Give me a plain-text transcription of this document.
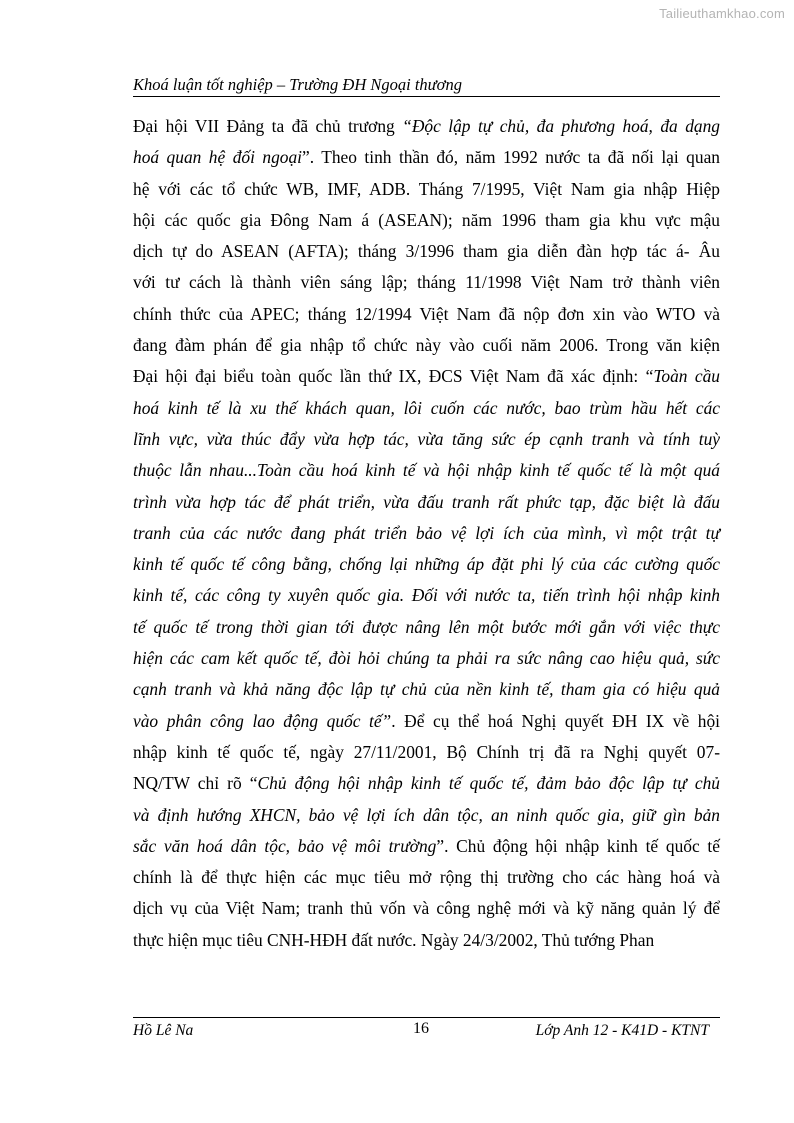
Tailieuthamkhao.com
Khoá luận tốt nghiệp – Trường ĐH Ngoại thương
Đại hội VII Đảng ta đã chủ trương “Độc lập tự chủ, đa phương hoá, đa dạng
hoá quan hệ đối ngoại”. Theo tinh thần đó, năm 1992 nước ta đã nối lại quan
hệ với các tổ chức WB, IMF, ADB. Tháng 7/1995, Việt Nam gia nhập Hiệp
hội các quốc gia Đông Nam á (ASEAN); năm 1996 tham gia khu vực mậu
dịch tự do ASEAN (AFTA); tháng 3/1996 tham gia diễn đàn hợp tác á- Âu
với tư cách là thành viên sáng lập; tháng 11/1998 Việt Nam trở thành viên
chính thức của APEC; tháng 12/1994 Việt Nam đã nộp đơn xin vào WTO và
đang đàm phán để gia nhập tổ chức này vào cuối năm 2006. Trong văn kiện
Đại hội đại biểu toàn quốc lần thứ IX, ĐCS Việt Nam đã xác định: “Toàn cầu
hoá kinh tế là xu thế khách quan, lôi cuốn các nước, bao trùm hầu hết các
lĩnh vực, vừa thúc đẩy vừa hợp tác, vừa tăng sức ép cạnh tranh và tính tuỳ
thuộc lẫn nhau...Toàn cầu hoá kinh tế và hội nhập kinh tế quốc tế là một quá
trình vừa hợp tác để phát triển, vừa đấu tranh rất phức tạp, đặc biệt là đấu
tranh của các nước đang phát triển bảo vệ lợi ích của mình, vì một trật tự
kinh tế quốc tế công bằng, chống lại những áp đặt phi lý của các cường quốc
kinh tế, các công ty xuyên quốc gia. Đối với nước ta, tiến trình hội nhập kinh
tế quốc tế trong thời gian tới được nâng lên một bước mới gắn với việc thực
hiện các cam kết quốc tế, đòi hỏi chúng ta phải ra sức nâng cao hiệu quả, sức
cạnh tranh và khả năng độc lập tự chủ của nền kinh tế, tham gia có hiệu quả
vào phân công lao động quốc tế”. Để cụ thể hoá Nghị quyết ĐH IX về hội
nhập kinh tế quốc tế, ngày 27/11/2001, Bộ Chính trị đã ra Nghị quyết 07-
NQ/TW chỉ rõ “Chủ động hội nhập kinh tế quốc tế, đảm bảo độc lập tự chủ
và định hướng XHCN, bảo vệ lợi ích dân tộc, an ninh quốc gia, giữ gìn bản
sắc văn hoá dân tộc, bảo vệ môi trường”. Chủ động hội nhập kinh tế quốc tế
chính là để thực hiện các mục tiêu mở rộng thị trường cho các hàng hoá và
dịch vụ của Việt Nam; tranh thủ vốn và công nghệ mới và kỹ năng quản lý để
thực hiện mục tiêu CNH-HĐH đất nước. Ngày 24/3/2002, Thủ tướng Phan
Hồ Lê Na	16	Lớp Anh 12 - K41D - KTNT
